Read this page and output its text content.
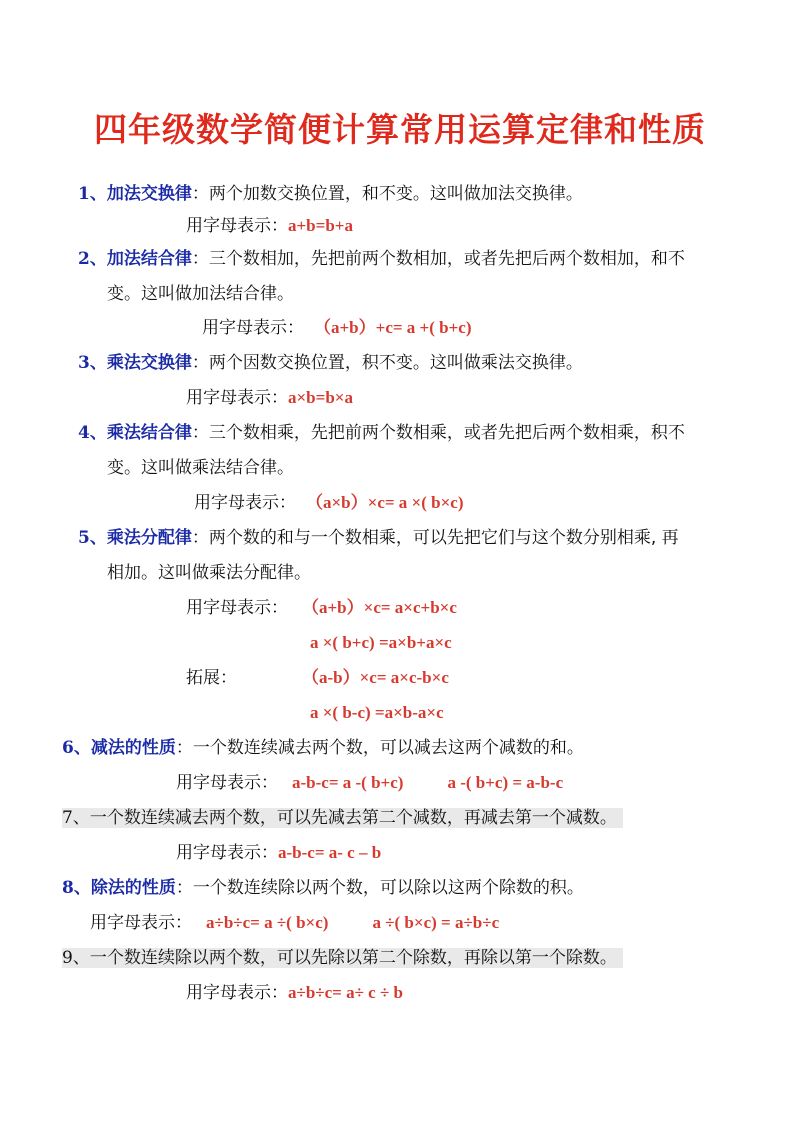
四年级数学简便计算常用运算定律和性质
1、加法交换律：两个加数交换位置，和不变。这叫做加法交换律。
用字母表示：a+b=b+a
2、加法结合律：三个数相加，先把前两个数相加，或者先把后两个数相加，和不
变。这叫做加法结合律。
用字母表示： （a+b）+c= a +( b+c)
3、乘法交换律：两个因数交换位置，积不变。这叫做乘法交换律。
用字母表示：a×b=b×a
4、乘法结合律：三个数相乘，先把前两个数相乘，或者先把后两个数相乘，积不
变。这叫做乘法结合律。
用字母表示： （a×b）×c= a ×( b×c)
5、乘法分配律：两个数的和与一个数相乘，可以先把它们与这个数分别相乘, 再
相加。这叫做乘法分配律。
用字母表示： （a+b）×c= a×c+b×c
a ×( b+c) =a×b+a×c
拓展：	（a-b）×c= a×c-b×c
a ×( b-c) =a×b-a×c
6、减法的性质：一个数连续减去两个数，可以减去这两个减数的和。
用字母表示： a-b-c= a -( b+c)	a -( b+c) = a-b-c
7、一个数连续减去两个数，可以先减去第二个减数，再减去第一个减数。
用字母表示：a-b-c= a- c – b
8、除法的性质：一个数连续除以两个数，可以除以这两个除数的积。
用字母表示： a÷b÷c= a ÷( b×c)	a ÷( b×c) = a÷b÷c
9、一个数连续除以两个数，可以先除以第二个除数，再除以第一个除数。
用字母表示：a÷b÷c= a÷ c ÷ b
